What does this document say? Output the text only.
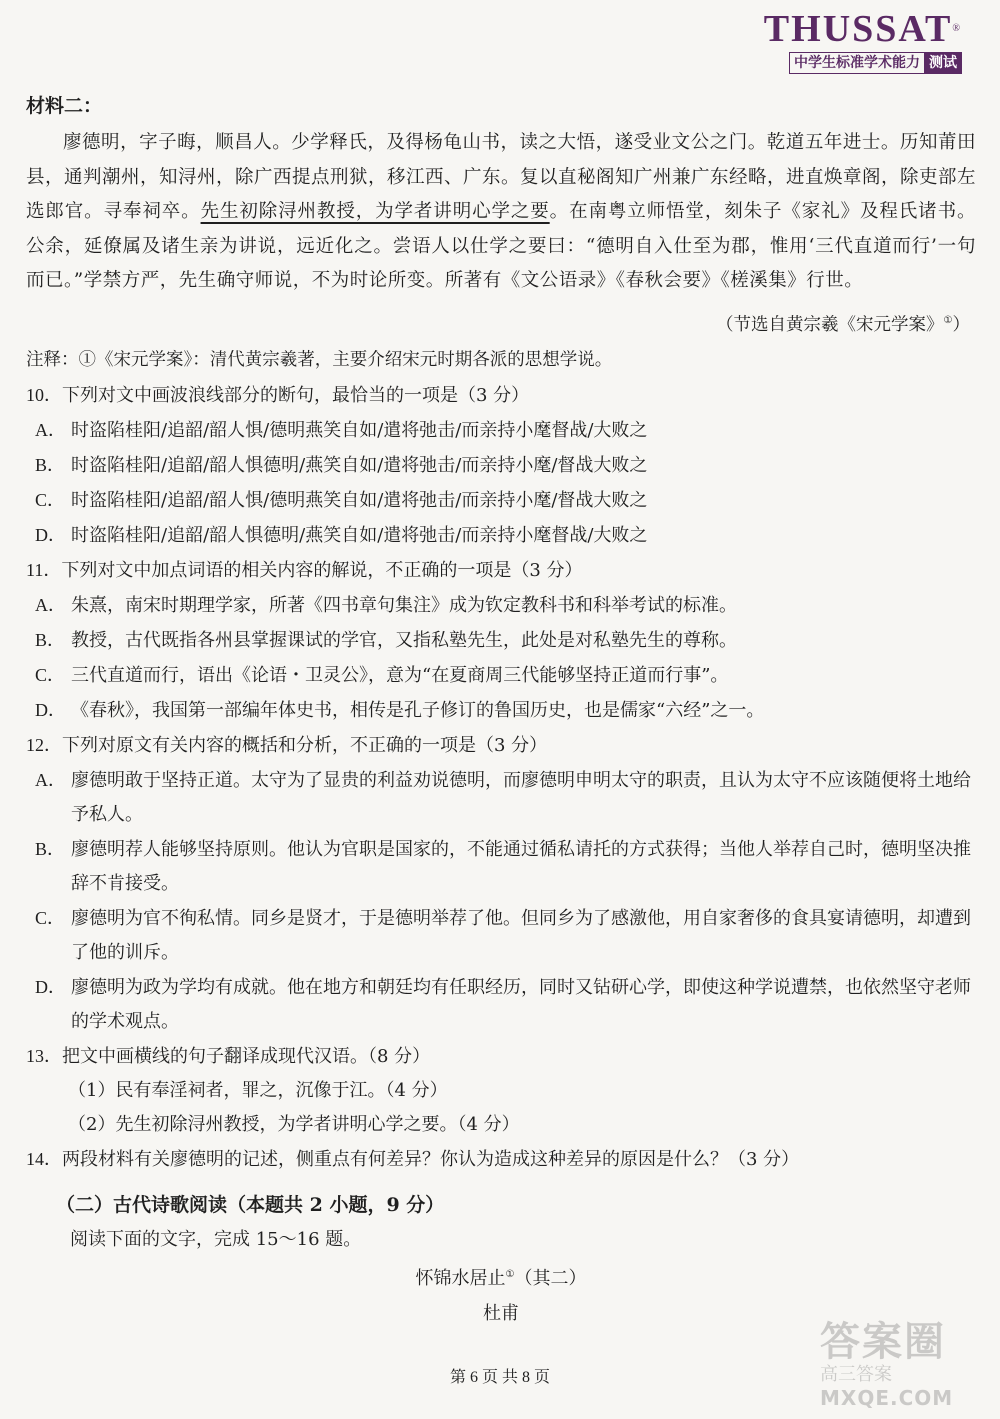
THUSSAT®
中学生标准学术能力 测试

材料二：

廖德明，字子晦，顺昌人。少学释氏，及得杨龟山书，读之大悟，遂受业文公之门。乾道五年进士。历知莆田县，通判潮州，知浔州，除广西提点刑狱，移江西、广东。复以直秘阁知广州兼广东经略，进直焕章阁，除吏部左选郎官。寻奉祠卒。先生初除浔州教授，为学者讲明心学之要。在南粤立师悟堂，刻朱子《家礼》及程氏诸书。公余，延僚属及诸生亲为讲说，远近化之。尝语人以仕学之要曰：“德明自入仕至为郡，惟用‘三代直道而行’一句而已。”学禁方严，先生确守师说，不为时论所变。所著有《文公语录》《春秋会要》《槎溪集》行世。

（节选自黄宗羲《宋元学案》①）

注释：①《宋元学案》：清代黄宗羲著，主要介绍宋元时期各派的思想学说。

10．下列对文中画波浪线部分的断句，最恰当的一项是（3 分）

A． 时盗陷桂阳/追韶/韶人惧/德明燕笑自如/遣将弛击/而亲持小麾督战/大败之

B． 时盗陷桂阳/追韶/韶人惧德明/燕笑自如/遣将弛击/而亲持小麾/督战大败之

C． 时盗陷桂阳/追韶/韶人惧/德明燕笑自如/遣将弛击/而亲持小麾/督战大败之

D． 时盗陷桂阳/追韶/韶人惧德明/燕笑自如/遣将弛击/而亲持小麾督战/大败之

11．下列对文中加点词语的相关内容的解说，不正确的一项是（3 分）

A． 朱熹，南宋时期理学家，所著《四书章句集注》成为钦定教科书和科举考试的标准。

B． 教授，古代既指各州县掌握课试的学官，又指私塾先生，此处是对私塾先生的尊称。

C． 三代直道而行，语出《论语・卫灵公》，意为“在夏商周三代能够坚持正道而行事”。

D． 《春秋》，我国第一部编年体史书，相传是孔子修订的鲁国历史，也是儒家“六经”之一。

12．下列对原文有关内容的概括和分析，不正确的一项是（3 分）

A． 廖德明敢于坚持正道。太守为了显贵的利益劝说德明，而廖德明申明太守的职责，且认为太守不应该随便将土地给予私人。

B． 廖德明荐人能够坚持原则。他认为官职是国家的，不能通过循私请托的方式获得；当他人举荐自己时，德明坚决推辞不肯接受。

C． 廖德明为官不徇私情。同乡是贤才，于是德明举荐了他。但同乡为了感激他，用自家奢侈的食具宴请德明，却遭到了他的训斥。

D． 廖德明为政为学均有成就。他在地方和朝廷均有任职经历，同时又钻研心学，即使这种学说遭禁，也依然坚守老师的学术观点。

13．把文中画横线的句子翻译成现代汉语。（8 分）

（1）民有奉淫祠者，罪之，沉像于江。（4 分）

（2）先生初除浔州教授，为学者讲明心学之要。（4 分）

14．两段材料有关廖德明的记述，侧重点有何差异？你认为造成这种差异的原因是什么？（3 分）

（二）古代诗歌阅读（本题共 2 小题，9 分）

阅读下面的文字，完成 15～16 题。

怀锦水居止①（其二）

杜甫

第 6 页 共 8 页
答案圈
高三答案
MXQE.COM
